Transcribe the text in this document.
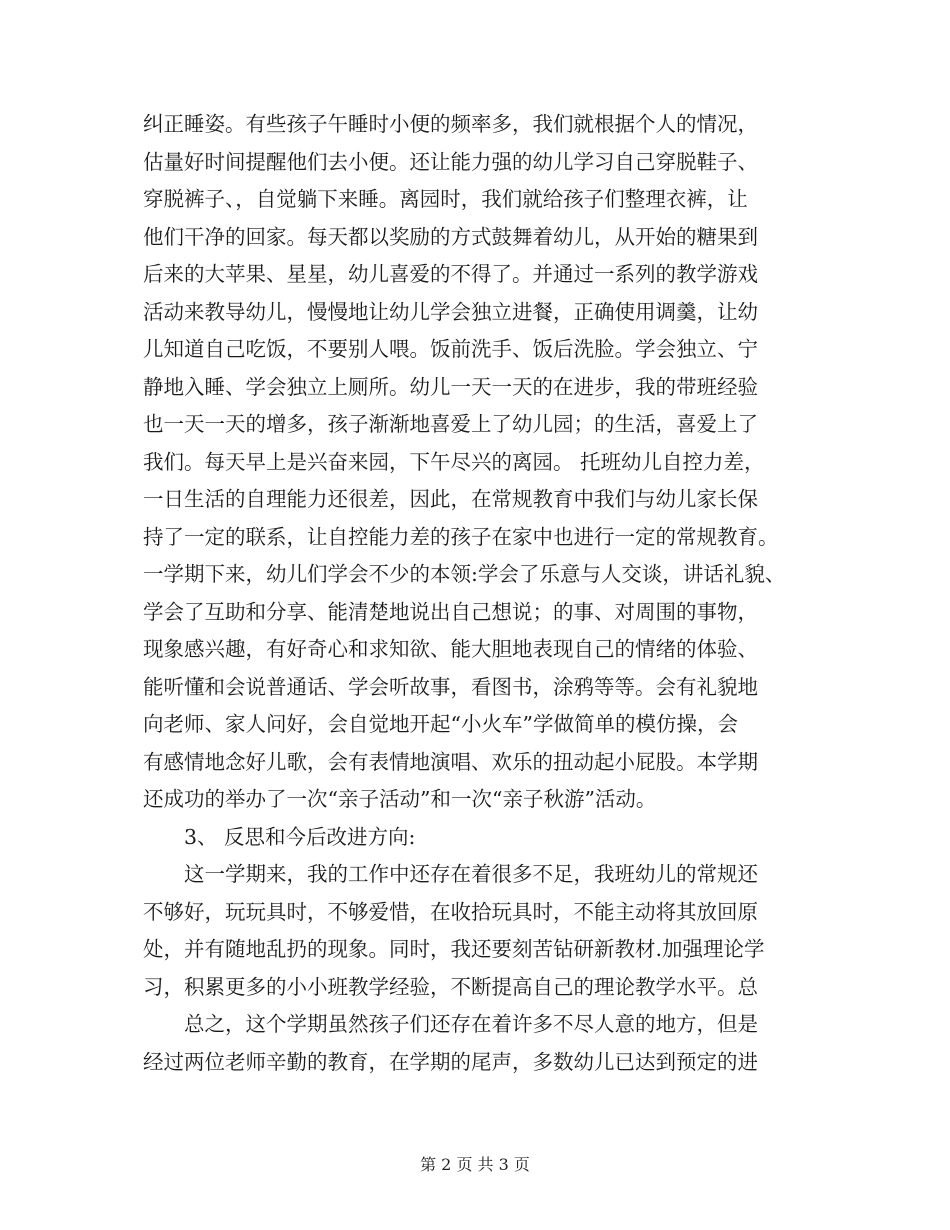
纠正睡姿。有些孩子午睡时小便的频率多，我们就根据个人的情况，
估量好时间提醒他们去小便。还让能力强的幼儿学习自己穿脱鞋子、
穿脱裤子、，自觉躺下来睡。离园时，我们就给孩子们整理衣裤，让
他们干净的回家。每天都以奖励的方式鼓舞着幼儿，从开始的糖果到
后来的大苹果、星星，幼儿喜爱的不得了。并通过一系列的教学游戏
活动来教导幼儿，慢慢地让幼儿学会独立进餐，正确使用调羹，让幼
儿知道自己吃饭，不要别人喂。饭前洗手、饭后洗脸。学会独立、宁
静地入睡、学会独立上厕所。幼儿一天一天的在进步，我的带班经验
也一天一天的增多，孩子渐渐地喜爱上了幼儿园；的生活，喜爱上了
我们。每天早上是兴奋来园，下午尽兴的离园。 托班幼儿自控力差，
一日生活的自理能力还很差，因此，在常规教育中我们与幼儿家长保
持了一定的联系，让自控能力差的孩子在家中也进行一定的常规教育。
一学期下来，幼儿们学会不少的本领:学会了乐意与人交谈，讲话礼貌、
学会了互助和分享、能清楚地说出自己想说；的事、对周围的事物，
现象感兴趣，有好奇心和求知欲、能大胆地表现自己的情绪的体验、
能听懂和会说普通话、学会听故事，看图书，涂鸦等等。会有礼貌地
向老师、家人问好，会自觉地开起“小火车”学做简单的模仿操，会
有感情地念好儿歌，会有表情地演唱、欢乐的扭动起小屁股。本学期
还成功的举办了一次“亲子活动”和一次“亲子秋游”活动。
　　3、 反思和今后改进方向:
　　这一学期来，我的工作中还存在着很多不足，我班幼儿的常规还
不够好，玩玩具时，不够爱惜，在收拾玩具时，不能主动将其放回原
处，并有随地乱扔的现象。同时，我还要刻苦钻研新教材.加强理论学
习，积累更多的小小班教学经验，不断提高自己的理论教学水平。总
　　总之，这个学期虽然孩子们还存在着许多不尽人意的地方，但是
经过两位老师辛勤的教育，在学期的尾声，多数幼儿已达到预定的进
第 2 页 共 3 页
